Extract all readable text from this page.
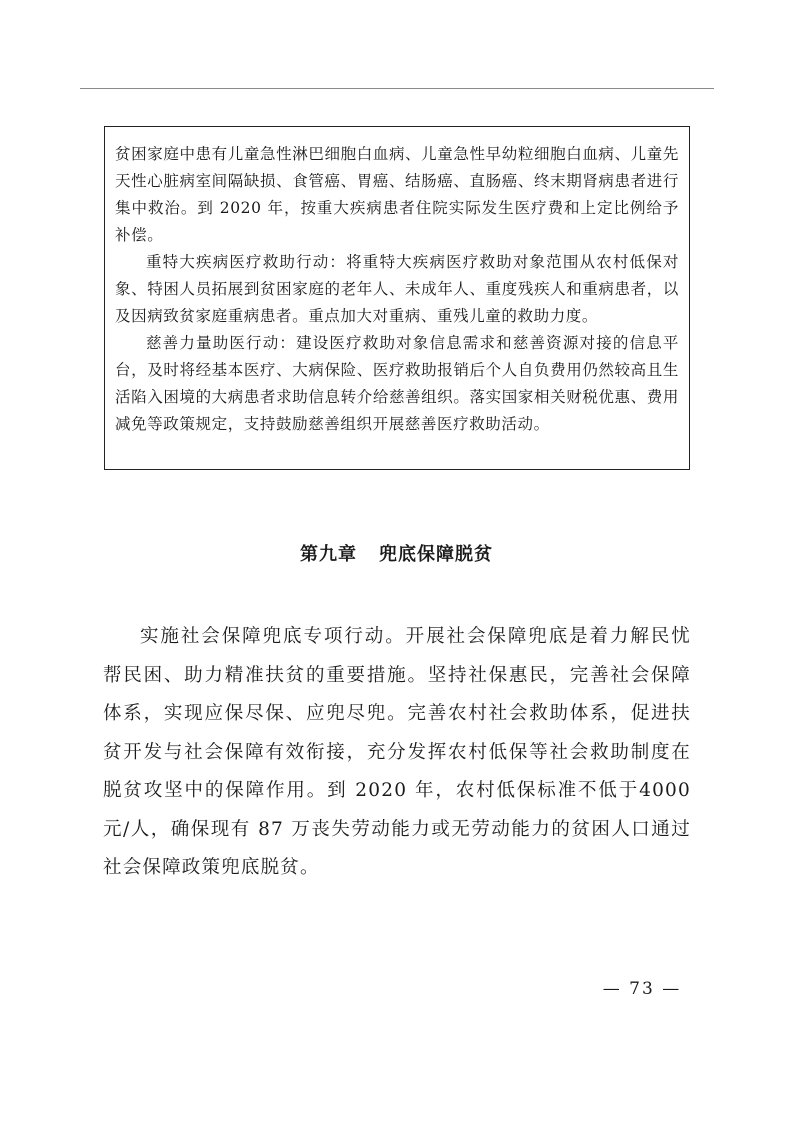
贫困家庭中患有儿童急性淋巴细胞白血病、儿童急性早幼粒细胞白血病、儿童先天性心脏病室间隔缺损、食管癌、胃癌、结肠癌、直肠癌、终末期肾病患者进行集中救治。到 2020 年，按重大疾病患者住院实际发生医疗费和上定比例给予补偿。

重特大疾病医疗救助行动：将重特大疾病医疗救助对象范围从农村低保对象、特困人员拓展到贫困家庭的老年人、未成年人、重度残疾人和重病患者，以及因病致贫家庭重病患者。重点加大对重病、重残儿童的救助力度。

慈善力量助医行动：建设医疗救助对象信息需求和慈善资源对接的信息平台，及时将经基本医疗、大病保险、医疗救助报销后个人自负费用仍然较高且生活陷入困境的大病患者求助信息转介给慈善组织。落实国家相关财税优惠、费用减免等政策规定，支持鼓励慈善组织开展慈善医疗救助活动。

第九章 兜底保障脱贫

实施社会保障兜底专项行动。开展社会保障兜底是着力解民忧帮民困、助力精准扶贫的重要措施。坚持社保惠民，完善社会保障体系，实现应保尽保、应兜尽兜。完善农村社会救助体系，促进扶贫开发与社会保障有效衔接，充分发挥农村低保等社会救助制度在脱贫攻坚中的保障作用。到 2020 年，农村低保标准不低于4000 元/人，确保现有 87 万丧失劳动能力或无劳动能力的贫困人口通过社会保障政策兜底脱贫。

— 73 —
